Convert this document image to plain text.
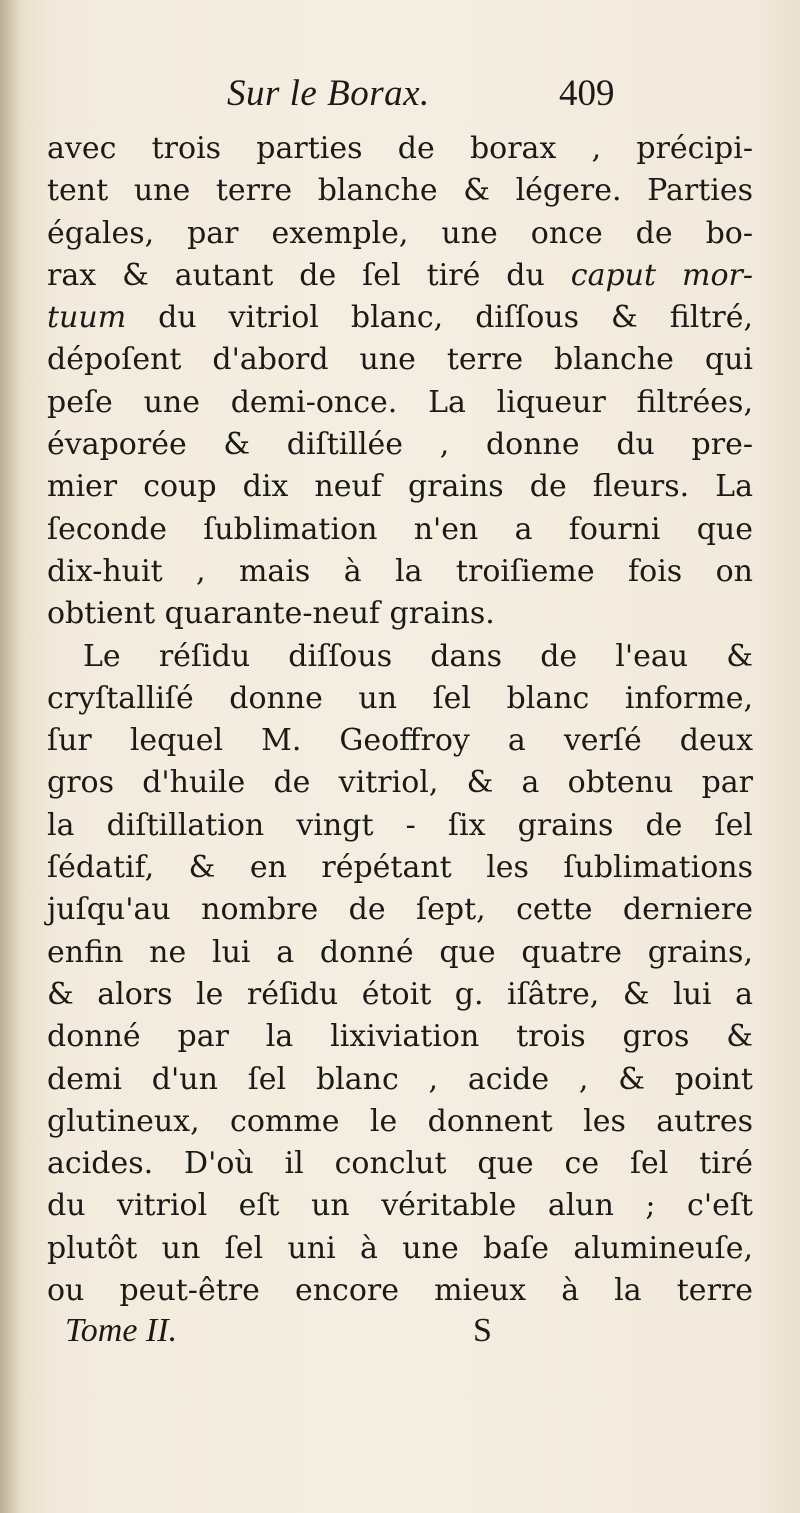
Sur le Borax.	409
avec trois parties de borax , précipi-
tent une terre blanche & légere. Parties
égales, par exemple, une once de bo-
rax & autant de ſel tiré du caput mor-
tuum du vitriol blanc, diſſous & filtré,
dépoſent d'abord une terre blanche qui
peſe une demi-once. La liqueur filtrées,
évaporée & diſtillée , donne du pre-
mier coup dix neuf grains de fleurs. La
ſeconde ſublimation n'en a fourni que
dix-huit , mais à la troiſieme fois on
obtient quarante-neuf grains.
Le réſidu diſſous dans de l'eau &
cryſtalliſé donne un ſel blanc informe,
ſur lequel M. Geoffroy a verſé deux
gros d'huile de vitriol, & a obtenu par
la diſtillation vingt - ſix grains de ſel
ſédatif, & en répétant les ſublimations
juſqu'au nombre de ſept, cette derniere
enfin ne lui a donné que quatre grains,
& alors le réſidu étoit g. iſâtre, & lui a
donné par la lixiviation trois gros &
demi d'un ſel blanc , acide , & point
glutineux, comme le donnent les autres
acides. D'où il conclut que ce ſel tiré
du vitriol eſt un véritable alun ; c'eſt
plutôt un ſel uni à une baſe alumineuſe,
ou peut-être encore mieux à la terre
Tome II.	S
